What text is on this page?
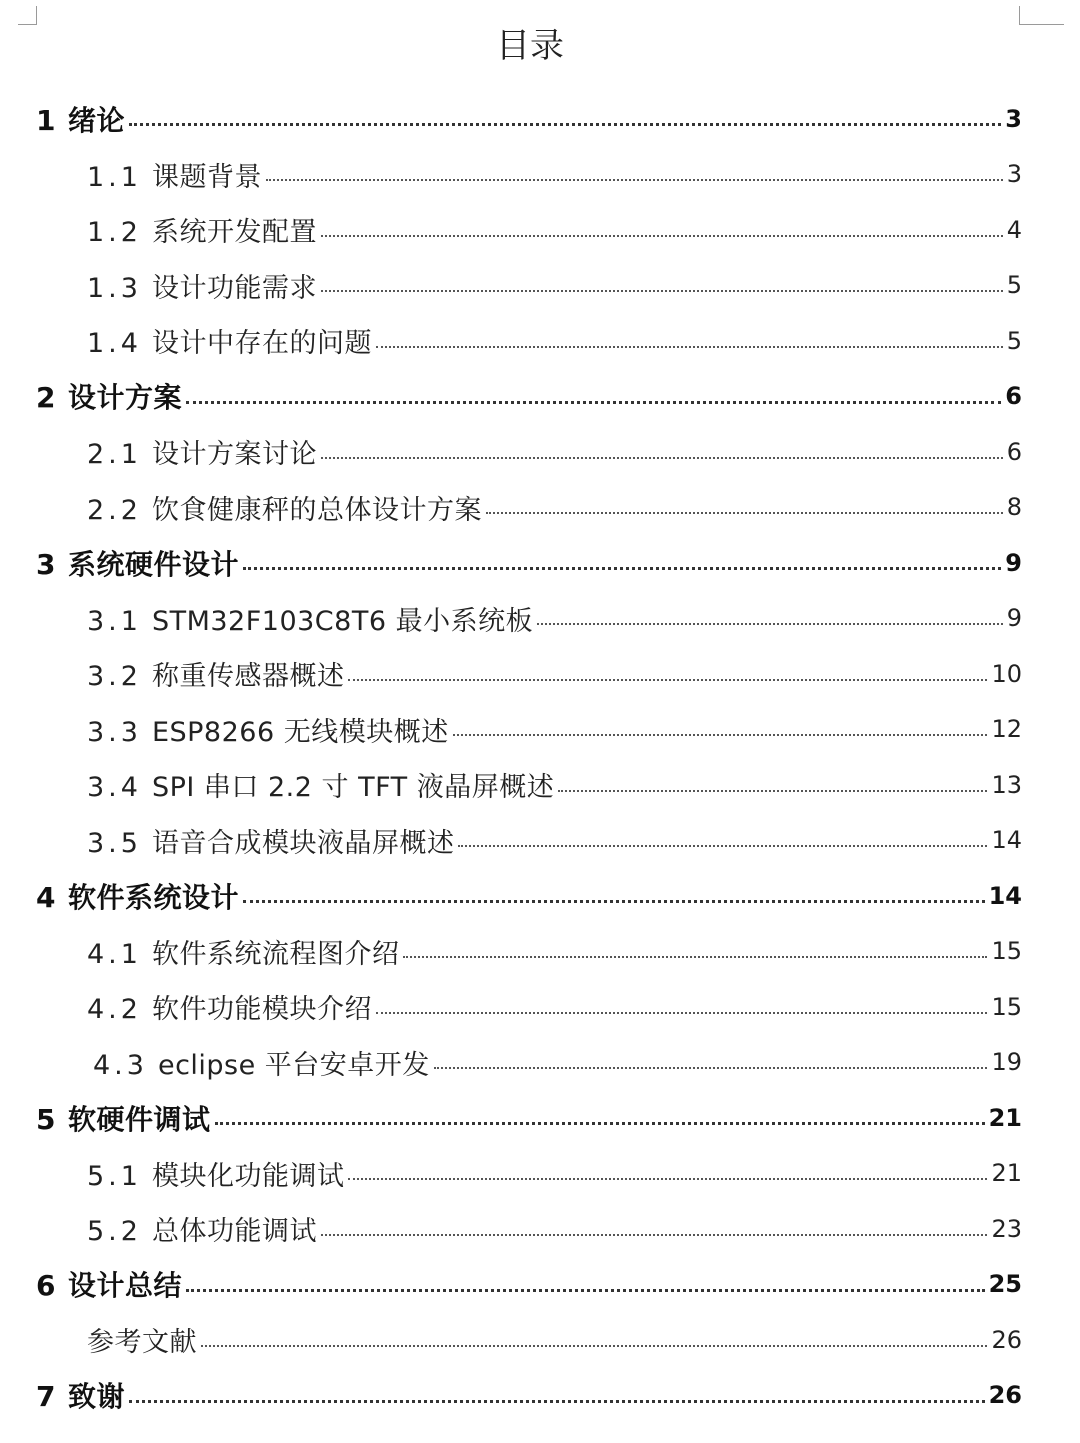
目录
1 绪论	3
1.1 课题背景	3
1.2 系统开发配置	4
1.3 设计功能需求	5
1.4 设计中存在的问题	5
2 设计方案	6
2.1 设计方案讨论	6
2.2 饮食健康秤的总体设计方案	8
3 系统硬件设计	9
3.1 STM32F103C8T6 最小系统板	9
3.2 称重传感器概述	10
3.3 ESP8266 无线模块概述	12
3.4 SPI 串口 2.2 寸 TFT 液晶屏概述	13
3.5 语音合成模块液晶屏概述	14
4 软件系统设计	14
4.1 软件系统流程图介绍	15
4.2 软件功能模块介绍	15
4.3 eclipse 平台安卓开发	19
5 软硬件调试	21
5.1 模块化功能调试	21
5.2 总体功能调试	23
6 设计总结	25
参考文献	26
7 致谢	26
